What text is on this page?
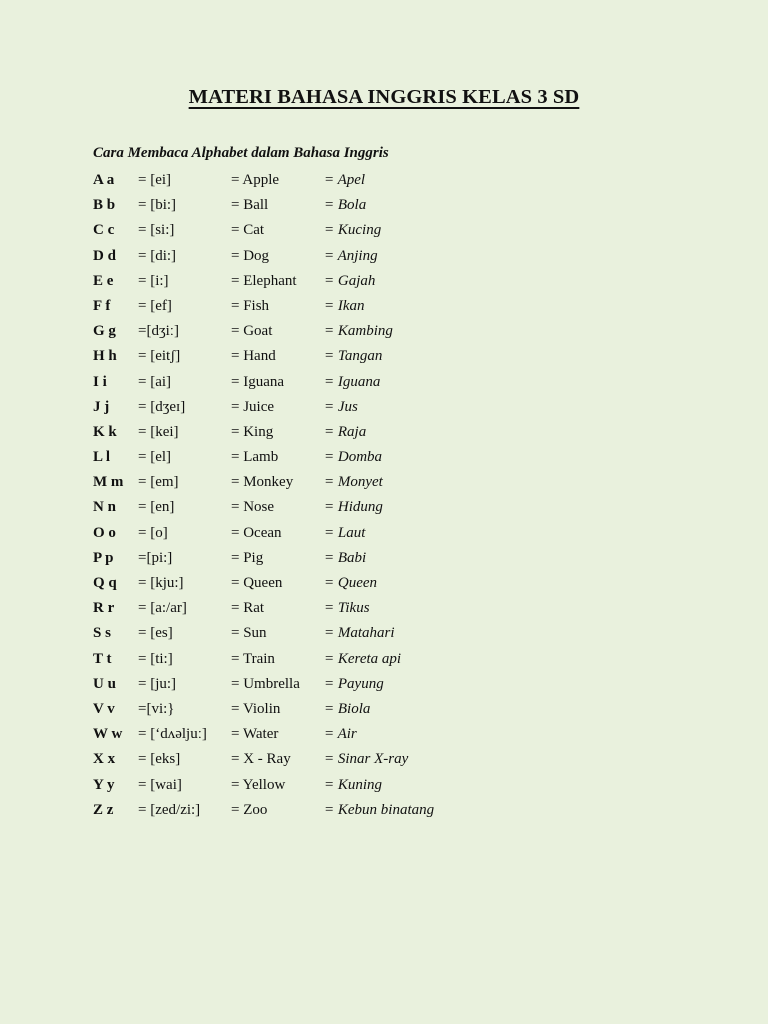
MATERI BAHASA INGGRIS KELAS 3 SD
Cara Membaca Alphabet dalam Bahasa Inggris
A a = [ei]	= Apple	= Apel
B b = [bi:]	= Ball	= Bola
C c = [si:]	= Cat	= Kucing
D d = [di:]	= Dog	= Anjing
E e = [i:]	= Elephant = Gajah
F f = [ef]	= Fish	= Ikan
G g =[dʒiː]	= Goat	= Kambing
H h = [eitʃ]	= Hand	= Tangan
I i = [ai]	= Iguana	= Iguana
J j = [dʒeɪ]	= Juice	= Jus
K k = [kei]	= King	= Raja
L l = [el]	= Lamb	= Domba
M m = [em]	= Monkey = Monyet
N n = [en]	= Nose	= Hidung
O o = [o]	= Ocean	= Laut
P p =[pi:]	= Pig	= Babi
Q q = [kju:]	= Queen	= Queen
R r = [a:/ar]	= Rat	= Tikus
S s = [es]	= Sun	= Matahari
T t = [ti:]	= Train	= Kereta api
U u = [ju:]	= Umbrella = Payung
V v =[vi:}	= Violin	= Biola
W w = [‘dʌəljuː] = Water	= Air
X x = [eks]	= X - Ray = Sinar X-ray
Y y = [wai]	= Yellow	= Kuning
Z z = [zed/zi:] = Zoo	= Kebun binatang
